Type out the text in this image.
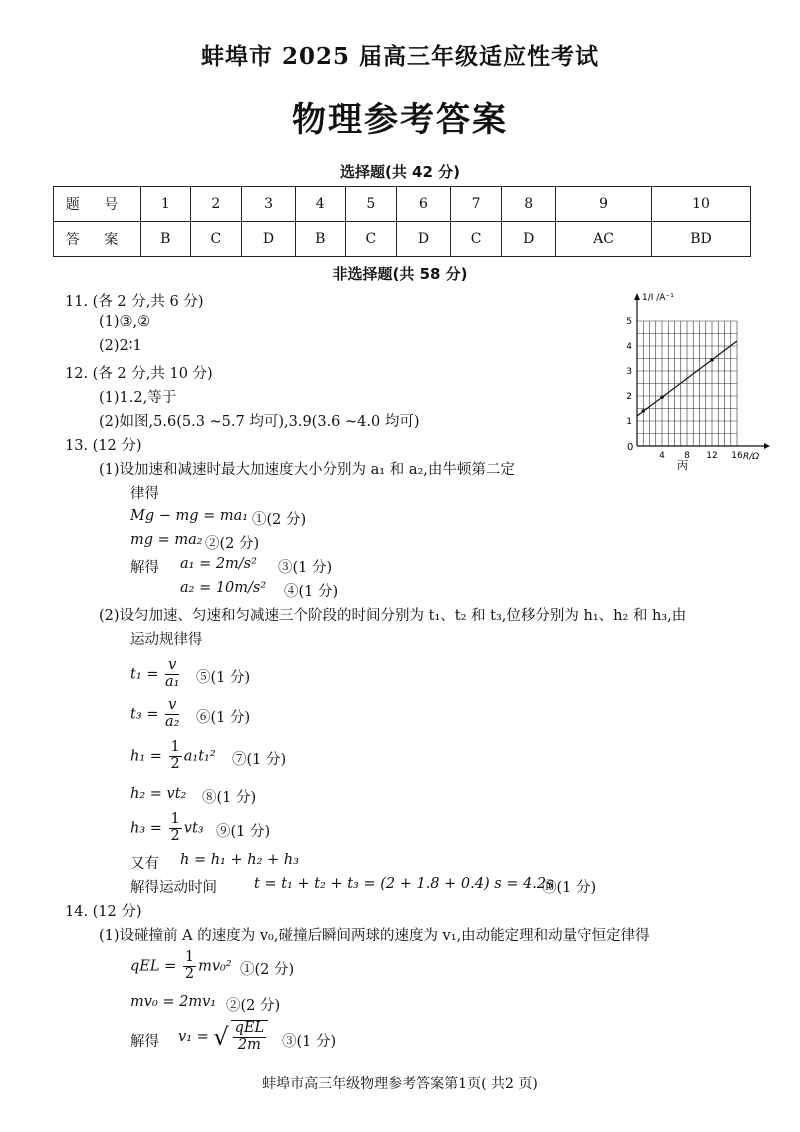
蚌埠市 2025 届高三年级适应性考试
物理参考答案
选择题(共 42 分)
题 号	1	2	3	4	5	6	7	8	9	10
答 案	B	C	D	B	C	D	C	D	AC	BD
非选择题(共 58 分)
11. (各 2 分,共 6 分)
(1)③,②
(2)2∶1
12. (各 2 分,共 10 分)
(1)1.2,等于
(2)如图,5.6(5.3 ~5.7 均可),3.9(3.6 ~4.0 均可)
4 8 12 16
1
2
3
4
5
1/I /A⁻¹
R/Ω
0
丙
13. (12 分)
(1)设加速和减速时最大加速度大小分别为 a₁ 和 a₂,由牛顿第二定
律得
Mg − mg = ma₁ ①(2 分)
mg = ma₂ ②(2 分)
解得 a₁ = 2m/s² ③(1 分)
a₂ = 10m/s² ④(1 分)
(2)设匀加速、匀速和匀减速三个阶段的时间分别为 t₁、t₂ 和 t₃,位移分别为 h₁、h₂ 和 h₃,由
运动规律得
$t_1 = \frac{v}{\text{a₁}}$ ⑤(1 分)
$t_3 = \frac{v}{\text{a₂}}$ ⑥(1 分)
$h_1 = \frac{1}{2} a_1t_1^2$ ⑦(1 分)
h₂ = vt₂ ⑧(1 分)
$h_3 = \frac{1}{2} vt_3$ ⑨(1 分)
又有 h = h₁ + h₂ + h₃
解得运动时间	t = t₁ + t₂ + t₃ = (2 + 1.8 + 0.4) s = 4.2s
⑩(1 分)
14. (12 分)
(1)设碰撞前 A 的速度为 v₀,碰撞后瞬间两球的速度为 v₁,由动能定理和动量守恒定律得
qEL = $\frac{1}{2} mv_0^2$ ①(2 分)
mv₀ = 2mv₁ ②(2 分)
解得 v₁ = √ $\frac{\text{qEL}}{2m}$ ③(1 分)
蚌埠市高三年级物理参考答案第1页( 共2 页)
